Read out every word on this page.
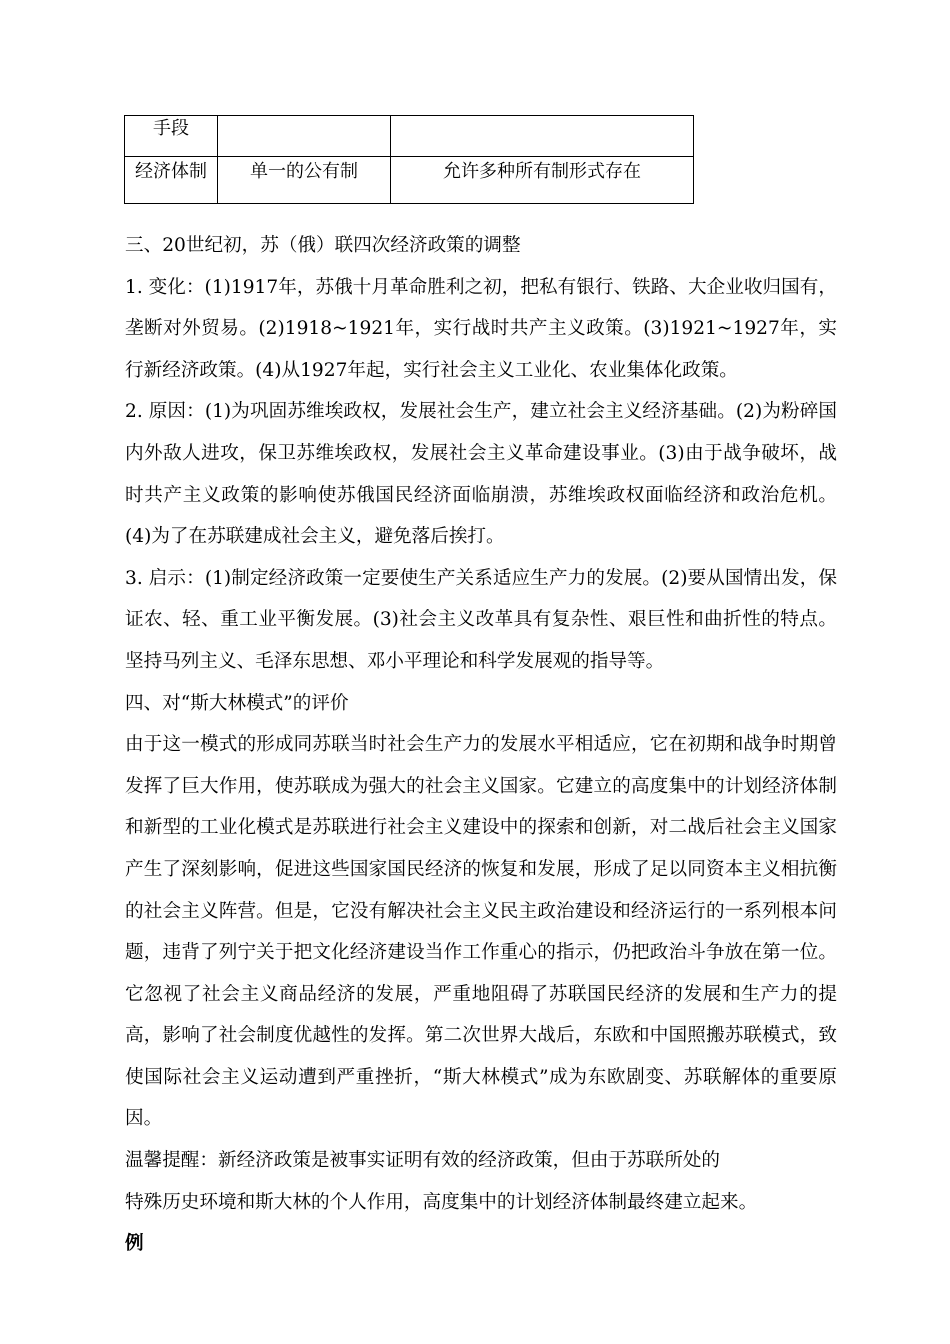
手段		
经济体制	单一的公有制	允许多种所有制形式存在

三、20世纪初，苏（俄）联四次经济政策的调整

1. 变化：(1)1917年，苏俄十月革命胜利之初，把私有银行、铁路、大企业收归国有，垄断对外贸易。(2)1918~1921年，实行战时共产主义政策。(3)1921~1927年，实行新经济政策。(4)从1927年起，实行社会主义工业化、农业集体化政策。

2. 原因：(1)为巩固苏维埃政权，发展社会生产，建立社会主义经济基础。(2)为粉碎国内外敌人进攻，保卫苏维埃政权，发展社会主义革命建设事业。(3)由于战争破坏，战时共产主义政策的影响使苏俄国民经济面临崩溃，苏维埃政权面临经济和政治危机。(4)为了在苏联建成社会主义，避免落后挨打。

3. 启示：(1)制定经济政策一定要使生产关系适应生产力的发展。(2)要从国情出发，保证农、轻、重工业平衡发展。(3)社会主义改革具有复杂性、艰巨性和曲折性的特点。坚持马列主义、毛泽东思想、邓小平理论和科学发展观的指导等。

四、对“斯大林模式”的评价

由于这一模式的形成同苏联当时社会生产力的发展水平相适应，它在初期和战争时期曾发挥了巨大作用，使苏联成为强大的社会主义国家。它建立的高度集中的计划经济体制和新型的工业化模式是苏联进行社会主义建设中的探索和创新，对二战后社会主义国家产生了深刻影响，促进这些国家国民经济的恢复和发展，形成了足以同资本主义相抗衡的社会主义阵营。但是，它没有解决社会主义民主政治建设和经济运行的一系列根本问题，违背了列宁关于把文化经济建设当作工作重心的指示，仍把政治斗争放在第一位。它忽视了社会主义商品经济的发展，严重地阻碍了苏联国民经济的发展和生产力的提高，影响了社会制度优越性的发挥。第二次世界大战后，东欧和中国照搬苏联模式，致使国际社会主义运动遭到严重挫折，“斯大林模式”成为东欧剧变、苏联解体的重要原因。

温馨提醒：新经济政策是被事实证明有效的经济政策，但由于苏联所处的

特殊历史环境和斯大林的个人作用，高度集中的计划经济体制最终建立起来。

例
